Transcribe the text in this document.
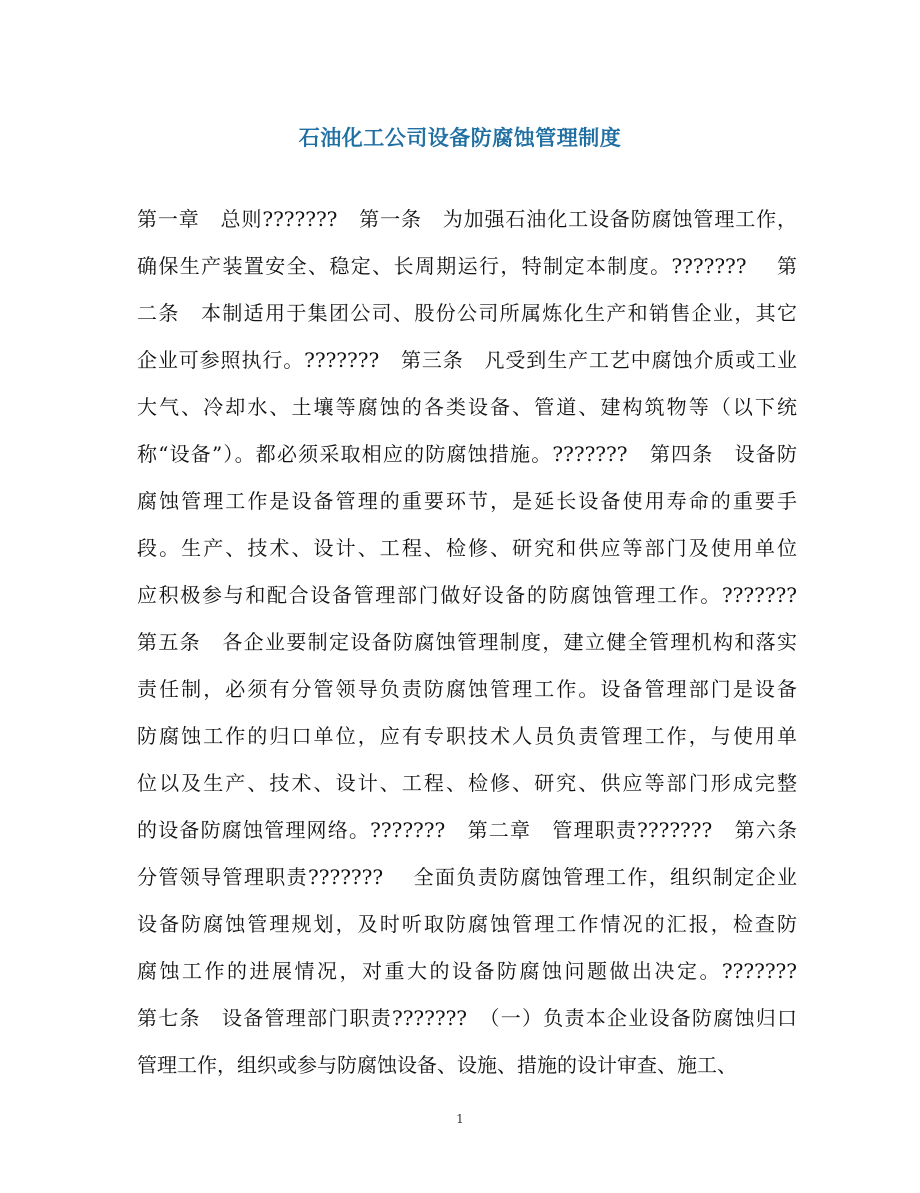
石油化工公司设备防腐蚀管理制度
第一章　总则???????　第一条　为加强石油化工设备防腐蚀管理工作，
确保生产装置安全、稳定、长周期运行，特制定本制度。???????　 第
二条　本制适用于集团公司、股份公司所属炼化生产和销售企业，其它
企业可参照执行。???????　第三条　凡受到生产工艺中腐蚀介质或工业
大气、冷却水、土壤等腐蚀的各类设备、管道、建构筑物等（以下统
称“设备”）。都必须采取相应的防腐蚀措施。???????　第四条　设备防
腐蚀管理工作是设备管理的重要环节，是延长设备使用寿命的重要手
段。生产、技术、设计、工程、检修、研究和供应等部门及使用单位
应积极参与和配合设备管理部门做好设备的防腐蚀管理工作。???????
第五条　各企业要制定设备防腐蚀管理制度，建立健全管理机构和落实
责任制，必须有分管领导负责防腐蚀管理工作。设备管理部门是设备
防腐蚀工作的归口单位，应有专职技术人员负责管理工作，与使用单
位以及生产、技术、设计、工程、检修、研究、供应等部门形成完整
的设备防腐蚀管理网络。???????　第二章　管理职责???????　第六条
分管领导管理职责???????　 全面负责防腐蚀管理工作，组织制定企业
设备防腐蚀管理规划，及时听取防腐蚀管理工作情况的汇报，检查防
腐蚀工作的进展情况，对重大的设备防腐蚀问题做出决定。???????
第七条　设备管理部门职责???????　（一）负责本企业设备防腐蚀归口
管理工作，组织或参与防腐蚀设备、设施、措施的设计审查、施工、
1
